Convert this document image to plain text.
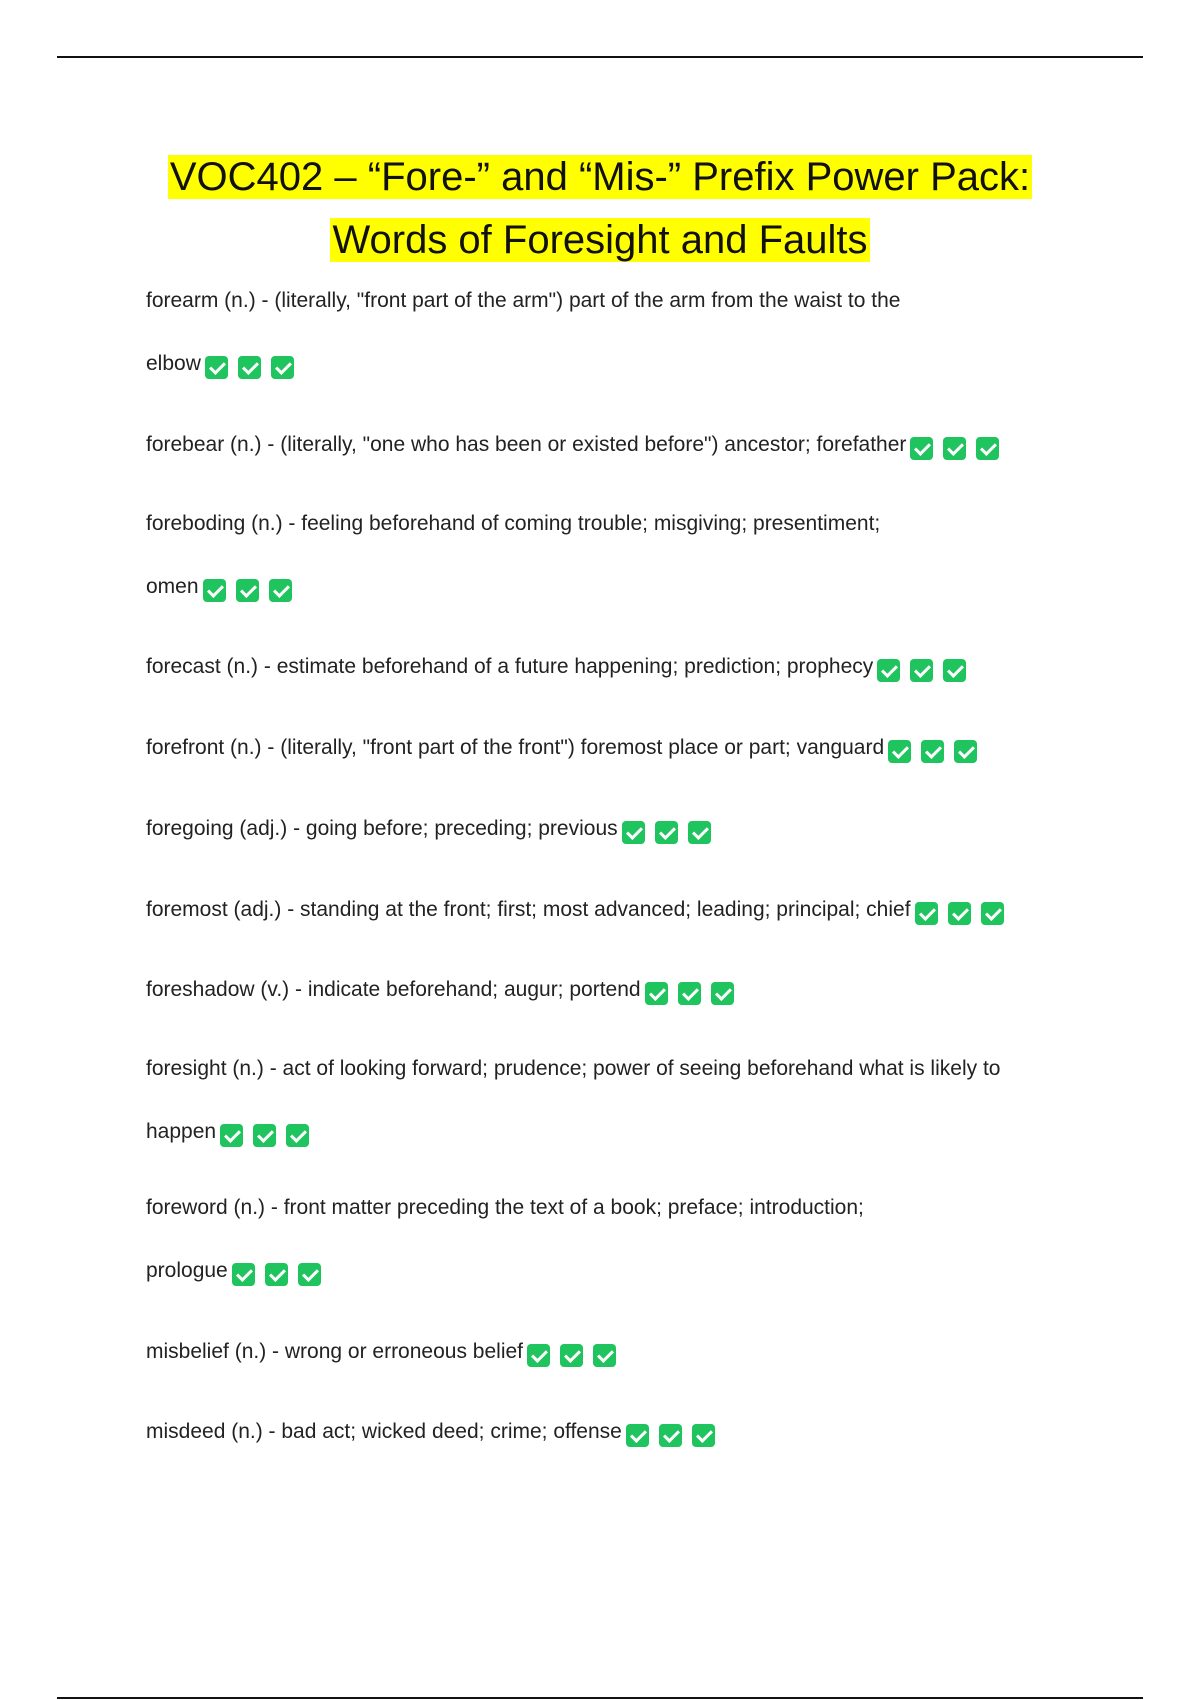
VOC402 – “Fore-” and “Mis-” Prefix Power Pack:
Words of Foresight and Faults
forearm (n.) - (literally, "front part of the arm") part of the arm from the waist to the
elbow
forebear (n.) - (literally, "one who has been or existed before") ancestor; forefather
foreboding (n.) - feeling beforehand of coming trouble; misgiving; presentiment;
omen
forecast (n.) - estimate beforehand of a future happening; prediction; prophecy
forefront (n.) - (literally, "front part of the front") foremost place or part; vanguard
foregoing (adj.) - going before; preceding; previous
foremost (adj.) - standing at the front; first; most advanced; leading; principal; chief
foreshadow (v.) - indicate beforehand; augur; portend
foresight (n.) - act of looking forward; prudence; power of seeing beforehand what is likely to
happen
foreword (n.) - front matter preceding the text of a book; preface; introduction;
prologue
misbelief (n.) - wrong or erroneous belief
misdeed (n.) - bad act; wicked deed; crime; offense
